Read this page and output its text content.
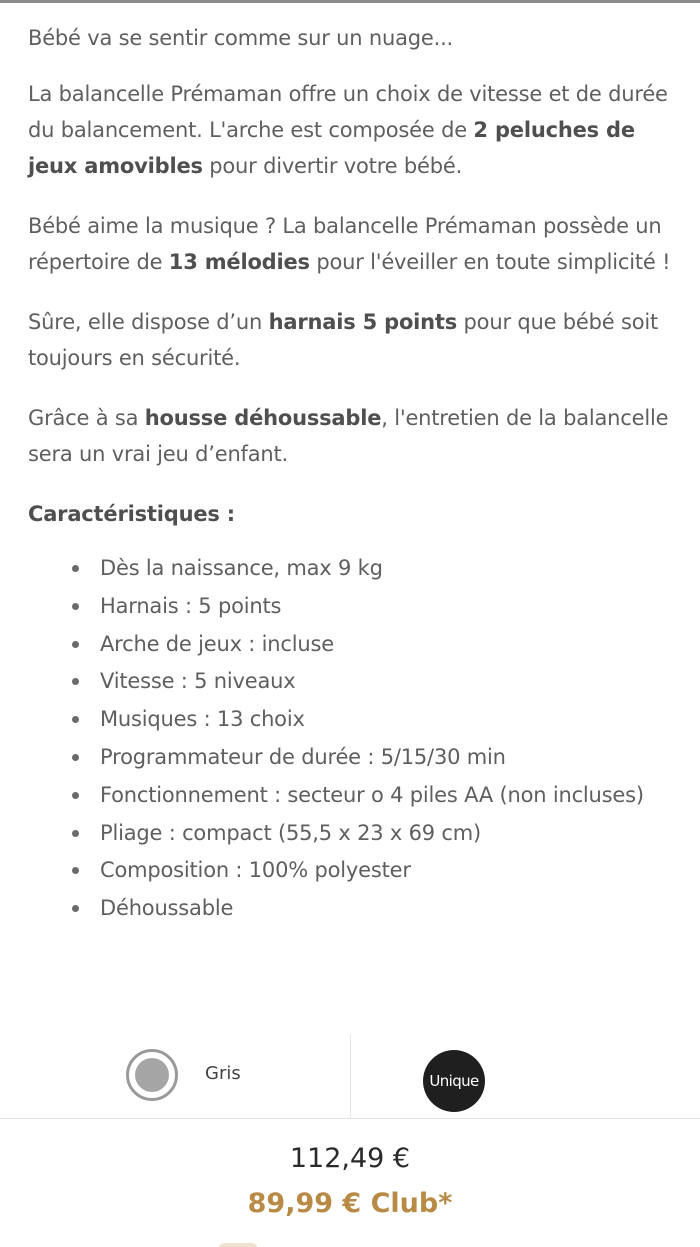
Bébé va se sentir comme sur un nuage...

La balancelle Prémaman offre un choix de vitesse et de durée du balancement. L'arche est composée de 2 peluches de jeux amovibles pour divertir votre bébé.

Bébé aime la musique ? La balancelle Prémaman possède un répertoire de 13 mélodies pour l'éveiller en toute simplicité !

Sûre, elle dispose d’un harnais 5 points pour que bébé soit toujours en sécurité.

Grâce à sa housse déhoussable, l'entretien de la balancelle sera un vrai jeu d’enfant.

Caractéristiques :
Dès la naissance, max 9 kg
Harnais : 5 points
Arche de jeux : incluse
Vitesse : 5 niveaux
Musiques : 13 choix
Programmateur de durée : 5/15/30 min
Fonctionnement : secteur o 4 piles AA (non incluses)
Pliage : compact (55,5 x 23 x 69 cm)
Composition : 100% polyester
Déhoussable
Gris	Unique
112,49 €
89,99 € Club*
